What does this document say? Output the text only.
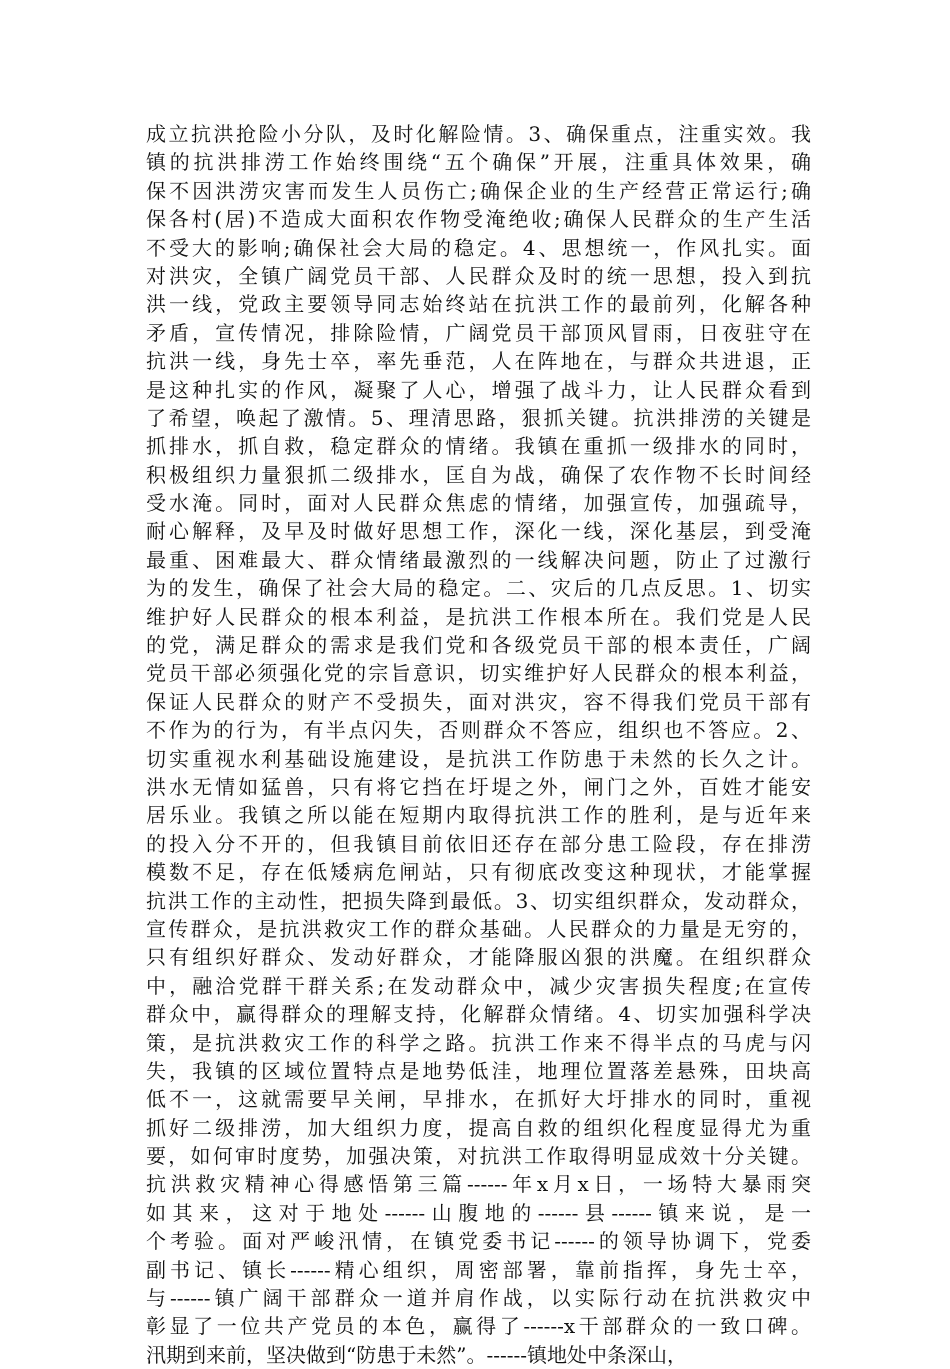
成立抗洪抢险小分队，及时化解险情。3、确保重点，注重实效。我
镇的抗洪排涝工作始终围绕“五个确保”开展，注重具体效果，确
保不因洪涝灾害而发生人员伤亡;确保企业的生产经营正常运行;确
保各村(居)不造成大面积农作物受淹绝收;确保人民群众的生产生活
不受大的影响;确保社会大局的稳定。4、思想统一，作风扎实。面
对洪灾，全镇广阔党员干部、人民群众及时的统一思想，投入到抗
洪一线，党政主要领导同志始终站在抗洪工作的最前列，化解各种
矛盾，宣传情况，排除险情，广阔党员干部顶风冒雨，日夜驻守在
抗洪一线，身先士卒，率先垂范，人在阵地在，与群众共进退，正
是这种扎实的作风，凝聚了人心，增强了战斗力，让人民群众看到
了希望，唤起了激情。5、理清思路，狠抓关键。抗洪排涝的关键是
抓排水，抓自救，稳定群众的情绪。我镇在重抓一级排水的同时，
积极组织力量狠抓二级排水，匡自为战，确保了农作物不长时间经
受水淹。同时，面对人民群众焦虑的情绪，加强宣传，加强疏导，
耐心解释，及早及时做好思想工作，深化一线，深化基层，到受淹
最重、困难最大、群众情绪最激烈的一线解决问题，防止了过激行
为的发生，确保了社会大局的稳定。二、灾后的几点反思。1、切实
维护好人民群众的根本利益，是抗洪工作根本所在。我们党是人民
的党，满足群众的需求是我们党和各级党员干部的根本责任，广阔
党员干部必须强化党的宗旨意识，切实维护好人民群众的根本利益，
保证人民群众的财产不受损失，面对洪灾，容不得我们党员干部有
不作为的行为，有半点闪失，否则群众不答应，组织也不答应。2、
切实重视水利基础设施建设，是抗洪工作防患于未然的长久之计。
洪水无情如猛兽，只有将它挡在圩堤之外，闸门之外，百姓才能安
居乐业。我镇之所以能在短期内取得抗洪工作的胜利，是与近年来
的投入分不开的，但我镇目前依旧还存在部分患工险段，存在排涝
模数不足，存在低矮病危闸站，只有彻底改变这种现状，才能掌握
抗洪工作的主动性，把损失降到最低。3、切实组织群众，发动群众，
宣传群众，是抗洪救灾工作的群众基础。人民群众的力量是无穷的，
只有组织好群众、发动好群众，才能降服凶狠的洪魔。在组织群众
中，融洽党群干群关系;在发动群众中，减少灾害损失程度;在宣传
群众中，赢得群众的理解支持，化解群众情绪。4、切实加强科学决
策，是抗洪救灾工作的科学之路。抗洪工作来不得半点的马虎与闪
失，我镇的区域位置特点是地势低洼，地理位置落差悬殊，田块高
低不一，这就需要早关闸，早排水，在抓好大圩排水的同时，重视
抓好二级排涝，加大组织力度，提高自救的组织化程度显得尤为重
要，如何审时度势，加强决策，对抗洪工作取得明显成效十分关键。
抗洪救灾精神心得感悟第三篇------年x月x日，一场特大暴雨突
如其来，这对于地处------山腹地的------县------镇来说，是一
个考验。面对严峻汛情，在镇党委书记------的领导协调下，党委
副书记、镇长------精心组织，周密部署，靠前指挥，身先士卒，
与------镇广阔干部群众一道并肩作战，以实际行动在抗洪救灾中
彰显了一位共产党员的本色，赢得了------x干部群众的一致口碑。
汛期到来前，坚决做到“防患于未然”。------镇地处中条深山，
